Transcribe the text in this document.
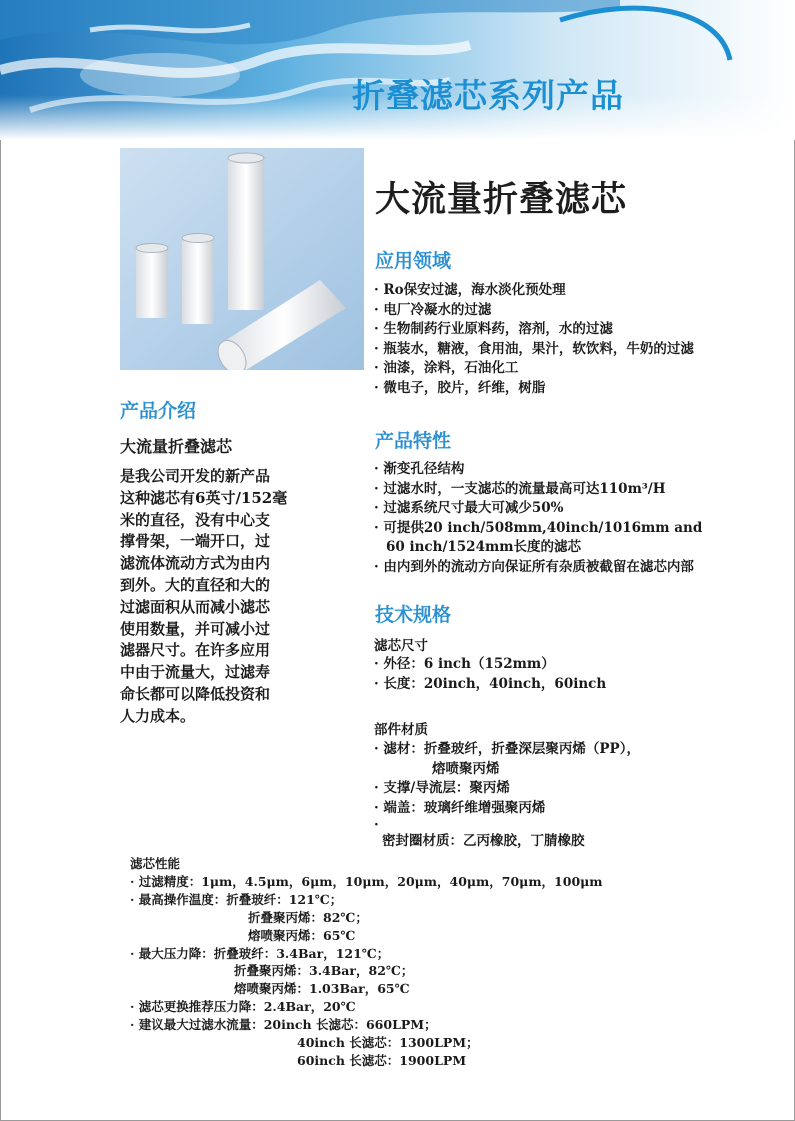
折叠滤芯系列产品
大流量折叠滤芯
应用领域
· Ro保安过滤，海水淡化预处理
· 电厂冷凝水的过滤
· 生物制药行业原料药，溶剂，水的过滤
· 瓶装水，糖液，食用油，果汁，软饮料，牛奶的过滤
· 油漆，涂料，石油化工
· 微电子，胶片，纤维，树脂
产品介绍
大流量折叠滤芯

是我公司开发的新产品
这种滤芯有6英寸/152毫
米的直径，没有中心支
撑骨架，一端开口，过
滤流体流动方式为由内
到外。大的直径和大的
过滤面积从而减小滤芯
使用数量，并可减小过
滤器尺寸。在许多应用
中由于流量大，过滤寿
命长都可以降低投资和
人力成本。

产品特性
· 渐变孔径结构
· 过滤水时，一支滤芯的流量最高可达110m³/H
· 过滤系统尺寸最大可减少50%
· 可提供20 inch/508mm,40inch/1016mm and
60 inch/1524mm长度的滤芯
· 由内到外的流动方向保证所有杂质被截留在滤芯内部
技术规格
滤芯尺寸
· 外径：6 inch（152mm）
· 长度：20inch，40inch，60inch
部件材质
· 滤材：折叠玻纤，折叠深层聚丙烯（PP），
熔喷聚丙烯
· 支撑/导流层：聚丙烯
· 端盖：玻璃纤维增强聚丙烯
·
密封圈材质：乙丙橡胶，丁腈橡胶
滤芯性能
· 过滤精度：1μm，4.5μm，6μm，10μm，20μm，40μm，70μm，100μm
· 最高操作温度：折叠玻纤：121℃；
折叠聚丙烯：82℃；
熔喷聚丙烯：65℃
· 最大压力降：折叠玻纤：3.4Bar，121℃；
折叠聚丙烯：3.4Bar，82℃；
熔喷聚丙烯：1.03Bar，65℃
· 滤芯更换推荐压力降：2.4Bar，20℃
· 建议最大过滤水流量：20inch 长滤芯：660LPM；
40inch 长滤芯：1300LPM；
60inch 长滤芯：1900LPM
